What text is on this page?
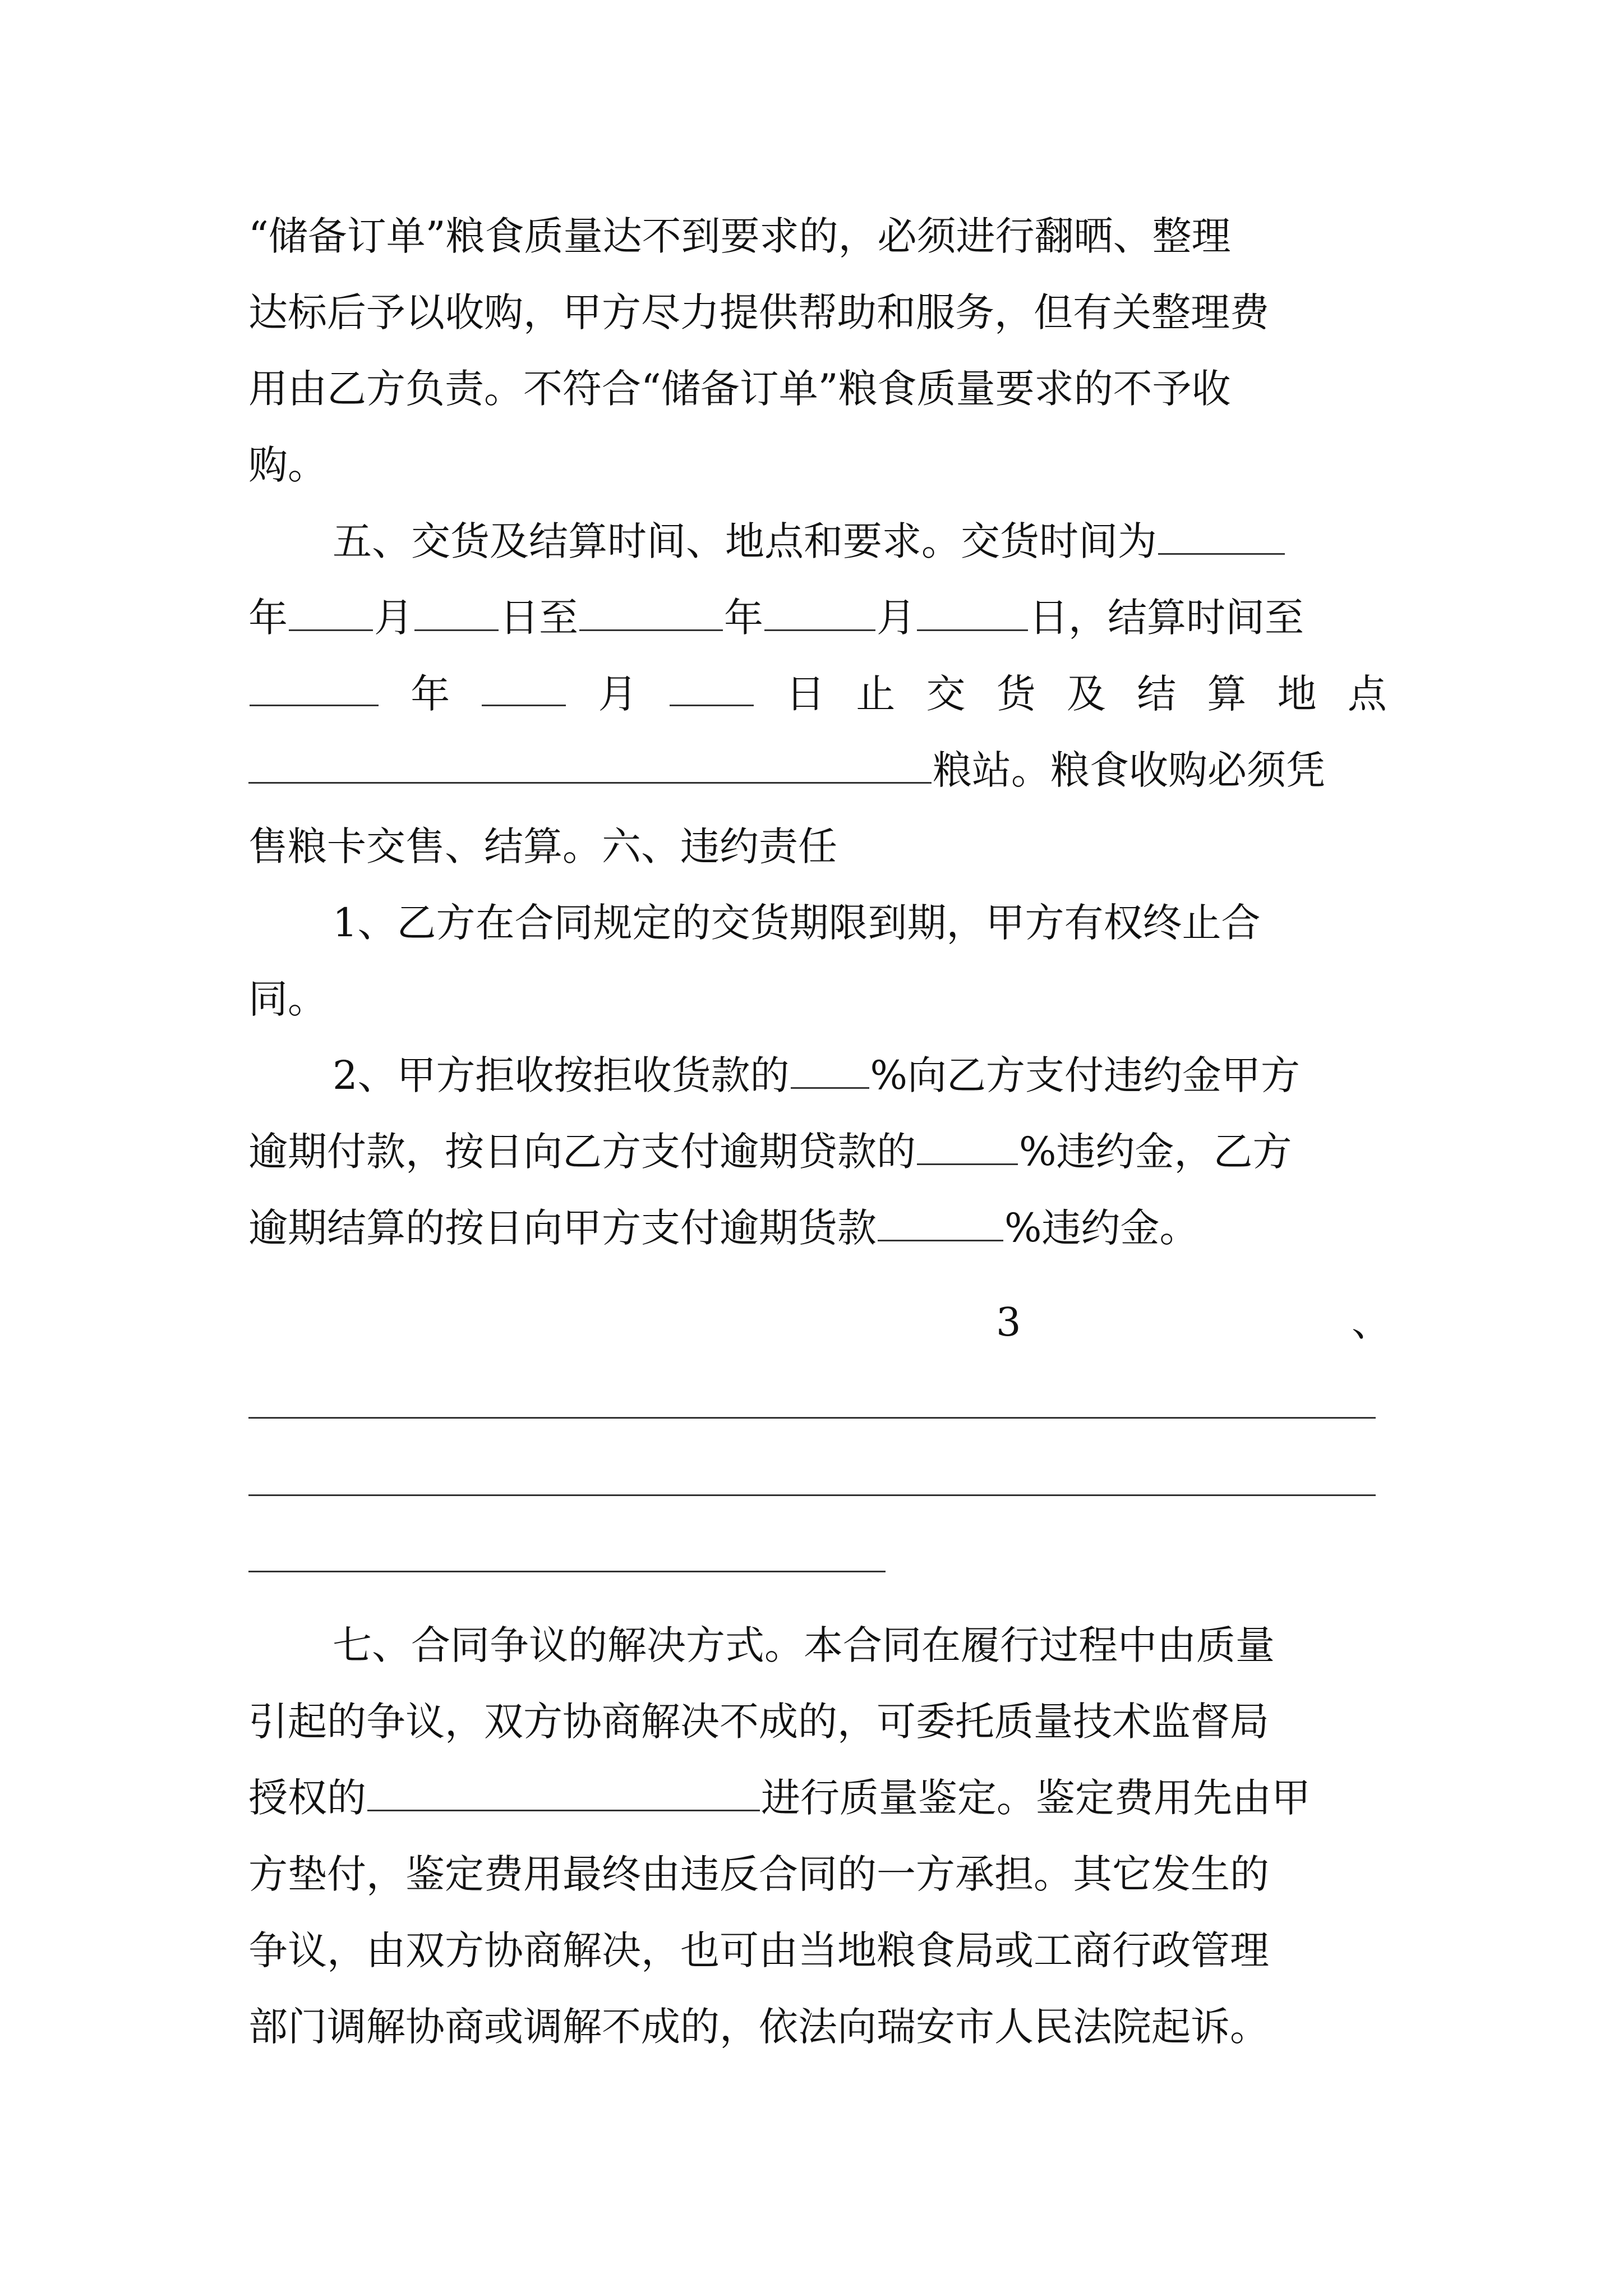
“储备订单”粮食质量达不到要求的，必须进行翻晒、整理
达标后予以收购，甲方尽力提供帮助和服务，但有关整理费
用由乙方负责。不符合“储备订单”粮食质量要求的不予收
购。
五、交货及结算时间、地点和要求。交货时间为
年 月 日至	年	月	日，结算时间至
年	月	日 止 交 货 及 结 算 地 点
粮站。粮食收购必须凭
售粮卡交售、结算。六、违约责任
1、乙方在合同规定的交货期限到期，甲方有权终止合
同。
2、甲方拒收按拒收货款的 %向乙方支付违约金甲方
逾期付款，按日向乙方支付逾期贷款的	%违约金，乙方
逾期结算的按日向甲方支付逾期货款	%违约金。
3	、
七、合同争议的解决方式。本合同在履行过程中由质量
引起的争议，双方协商解决不成的，可委托质量技术监督局
授权的	进行质量鉴定。鉴定费用先由甲
方垫付，鉴定费用最终由违反合同的一方承担。其它发生的
争议，由双方协商解决，也可由当地粮食局或工商行政管理
部门调解协商或调解不成的，依法向瑞安市人民法院起诉。
